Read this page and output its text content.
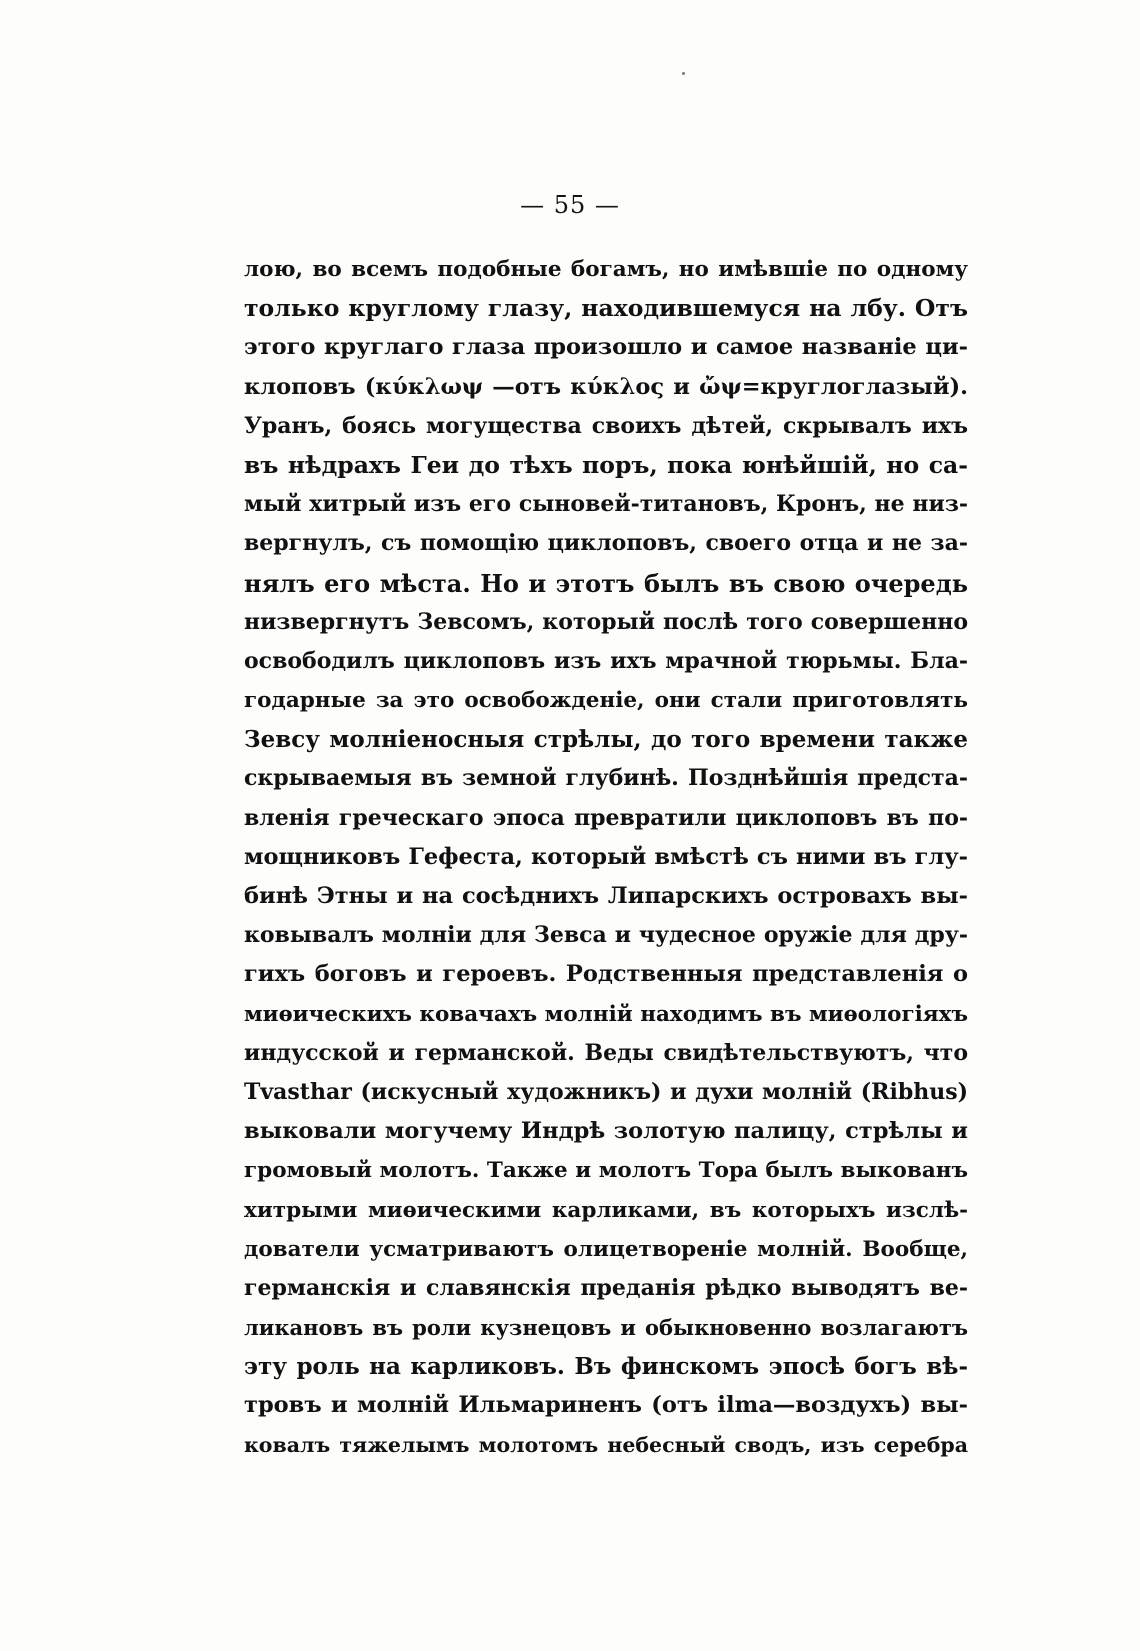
— 55 —
лою, во всемъ подобные богамъ, но имѣвшіе по одному
только круглому глазу, находившемуся на лбу. Отъ
этого круглаго глаза произошло и самое названіе ци-
клоповъ (κύκλωψ —отъ κύκλος и ὤψ=круглоглазый).
Уранъ, боясь могущества своихъ дѣтей, скрывалъ ихъ
въ нѣдрахъ Геи до тѣхъ поръ, пока юнѣйшій, но са-
мый хитрый изъ его сыновей-титановъ, Кронъ, не низ-
вергнулъ, съ помощію циклоповъ, своего отца и не за-
нялъ его мѣста. Но и этотъ былъ въ свою очередь
низвергнутъ Зевсомъ, который послѣ того совершенно
освободилъ циклоповъ изъ ихъ мрачной тюрьмы. Бла-
годарные за это освобожденіе, они стали приготовлять
Зевсу молніеносныя стрѣлы, до того времени также
скрываемыя въ земной глубинѣ. Позднѣйшія предста-
вленія греческаго эпоса превратили циклоповъ въ по-
мощниковъ Гефеста, который вмѣстѣ съ ними въ глу-
бинѣ Этны и на сосѣднихъ Липарскихъ островахъ вы-
ковывалъ молніи для Зевса и чудесное оружіе для дру-
гихъ боговъ и героевъ. Родственныя представленія о
миѳическихъ ковачахъ молній находимъ въ миѳологіяхъ
индусской и германской. Веды свидѣтельствуютъ, что
Tvasthar (искусный художникъ) и духи молній (Ribhus)
выковали могучему Индрѣ золотую палицу, стрѣлы и
громовый молотъ. Также и молотъ Тора былъ выкованъ
хитрыми миѳическими карликами, въ которыхъ изслѣ-
дователи усматриваютъ олицетвореніе молній. Вообще,
германскія и славянскія преданія рѣдко выводятъ ве-
ликановъ въ роли кузнецовъ и обыкновенно возлагаютъ
эту роль на карликовъ. Въ финскомъ эпосѣ богъ вѣ-
тровъ и молній Ильмариненъ (отъ ilma—воздухъ) вы-
ковалъ тяжелымъ молотомъ небесный сводъ, изъ серебра
